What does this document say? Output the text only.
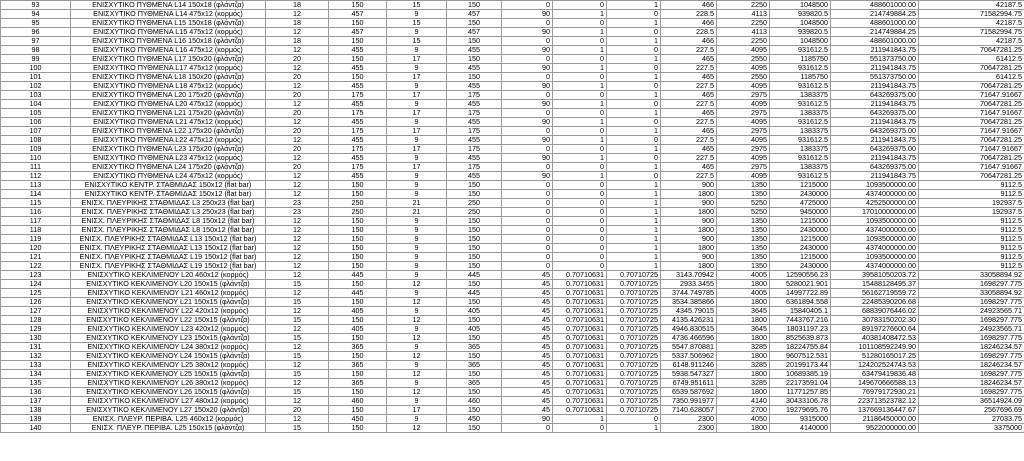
93	ΕΝΙΣΧΥΤΙΚΟ ΠΥΘΜΕΝΑ L14 150x18 (φλάντζα)	18	150	15	150	0	0	1	466	2250	1048500	488601000.00	42187.5
94	ΕΝΙΣΧΥΤΙΚΟ ΠΥΘΜΕΝΑ L14 475x12 (κορμός)	12	457	9	457	90	1	0	228.5	4113	939820.5	214749884.25	71582994.75
95	ΕΝΙΣΧΥΤΙΚΟ ΠΥΘΜΕΝΑ L15 150x18 (φλάντζα)	18	150	15	150	0	0	1	466	2250	1048500	488601000.00	42187.5
96	ΕΝΙΣΧΥΤΙΚΟ ΠΥΘΜΕΝΑ L15 475x12 (κορμός)	12	457	9	457	90	1	0	228.5	4113	939820.5	214749884.25	71582994.75
97	ΕΝΙΣΧΥΤΙΚΟ ΠΥΘΜΕΝΑ L16 150x18 (φλάντζα)	18	150	15	150	0	0	1	466	2250	1048500	488601000.00	42187.5
98	ΕΝΙΣΧΥΤΙΚΟ ΠΥΘΜΕΝΑ L16 475x12 (κορμός)	12	455	9	455	90	1	0	227.5	4095	931612.5	211941843.75	70647281.25
99	ΕΝΙΣΧΥΤΙΚΟ ΠΥΘΜΕΝΑ L17 150x20 (φλάντζα)	20	150	17	150	0	0	1	465	2550	1185750	551373750.00	61412.5
100	ΕΝΙΣΧΥΤΙΚΟ ΠΥΘΜΕΝΑ L17 475x12 (κορμός)	12	455	9	455	90	1	0	227.5	4095	931612.5	211941843.75	70647281.25
101	ΕΝΙΣΧΥΤΙΚΟ ΠΥΘΜΕΝΑ L18 150x20 (φλάντζα)	20	150	17	150	0	0	1	465	2550	1185750	551373750.00	61412.5
102	ΕΝΙΣΧΥΤΙΚΟ ΠΥΘΜΕΝΑ L18 475x12 (κορμός)	12	455	9	455	90	1	0	227.5	4095	931612.5	211941843.75	70647281.25
103	ΕΝΙΣΧΥΤΙΚΟ ΠΥΘΜΕΝΑ L20 175x20 (φλάντζα)	20	175	17	175	0	0	1	465	2975	1383375	643269375.00	71647.91667
104	ΕΝΙΣΧΥΤΙΚΟ ΠΥΘΜΕΝΑ L20 475x12 (κορμός)	12	455	9	455	90	1	0	227.5	4095	931612.5	211941843.75	70647281.25
105	ΕΝΙΣΧΥΤΙΚΟ ΠΥΘΜΕΝΑ L21 175x20 (φλάντζα)	20	175	17	175	0	0	1	465	2975	1383375	643269375.00	71647.91667
106	ΕΝΙΣΧΥΤΙΚΟ ΠΥΘΜΕΝΑ L21 475x12 (κορμός)	12	455	9	455	90	1	0	227.5	4095	931612.5	211941843.75	70647281.25
107	ΕΝΙΣΧΥΤΙΚΟ ΠΥΘΜΕΝΑ L22 175x20 (φλάντζα)	20	175	17	175	0	0	1	465	2975	1383375	643269375.00	71647.91667
108	ΕΝΙΣΧΥΤΙΚΟ ΠΥΘΜΕΝΑ L22 475x12 (κορμός)	12	455	9	455	90	1	0	227.5	4095	931612.5	211941843.75	70647281.25
109	ΕΝΙΣΧΥΤΙΚΟ ΠΥΘΜΕΝΑ L23 175x20 (φλάντζα)	20	175	17	175	0	0	1	465	2975	1383375	643269375.00	71647.91667
110	ΕΝΙΣΧΥΤΙΚΟ ΠΥΘΜΕΝΑ L23 475x12 (κορμός)	12	455	9	455	90	1	0	227.5	4095	931612.5	211941843.75	70647281.25
111	ΕΝΙΣΧΥΤΙΚΟ ΠΥΘΜΕΝΑ L24 175x20 (φλάντζα)	20	175	17	175	0	0	1	465	2975	1383375	643269375.00	71647.91667
112	ΕΝΙΣΧΥΤΙΚΟ ΠΥΘΜΕΝΑ L24 475x12 (κορμός)	12	455	9	455	90	1	0	227.5	4095	931612.5	211941843.75	70647281.25
113	ΕΝΙΣΧΥΤΙΚΟ ΚΕΝΤΡ. ΣΤΑΘΜΙΔΑΣ 150x12 (flat bar)	12	150	9	150	0	0	1	900	1350	1215000	1093500000.00	9112.5
114	ΕΝΙΣΧΥΤΙΚΟ ΚΕΝΤΡ. ΣΤΑΘΜΙΔΑΣ 150x12 (flat bar)	12	150	9	150	0	0	1	1800	1350	2430000	4374000000.00	9112.5
115	ΕΝΙΣΧ. ΠΛΕΥΡΙΚΗΣ ΣΤΑΘΜΙΔΑΣ L3 250x23 (flat bar)	23	250	21	250	0	0	1	900	5250	4725000	4252500000.00	192937.5
116	ΕΝΙΣΧ. ΠΛΕΥΡΙΚΗΣ ΣΤΑΘΜΙΔΑΣ L3 250x23 (flat bar)	23	250	21	250	0	0	1	1800	5250	9450000	17010000000.00	192937.5
117	ΕΝΙΣΧ. ΠΛΕΥΡΙΚΗΣ ΣΤΑΘΜΙΔΑΣ L8 150x12 (flat bar)	12	150	9	150	0	0	1	900	1350	1215000	1093500000.00	9112.5
118	ΕΝΙΣΧ. ΠΛΕΥΡΙΚΗΣ ΣΤΑΘΜΙΔΑΣ L8 150x12 (flat bar)	12	150	9	150	0	0	1	1800	1350	2430000	4374000000.00	9112.5
119	ΕΝΙΣΧ. ΠΛΕΥΡΙΚΗΣ ΣΤΑΘΜΙΔΑΣ L13 150x12 (flat bar)	12	150	9	150	0	0	1	900	1350	1215000	1093500000.00	9112.5
120	ΕΝΙΣΧ. ΠΛΕΥΡΙΚΗΣ ΣΤΑΘΜΙΔΑΣ L13 150x12 (flat bar)	12	150	9	150	0	0	1	1800	1350	2430000	4374000000.00	9112.5
121	ΕΝΙΣΧ. ΠΛΕΥΡΙΚΗΣ ΣΤΑΘΜΙΔΑΣ L19 150x12 (flat bar)	12	150	9	150	0	0	1	900	1350	1215000	1093500000.00	9112.5
122	ΕΝΙΣΧ. ΠΛΕΥΡΙΚΗΣ ΣΤΑΘΜΙΔΑΣ L19 150x12 (flat bar)	12	150	9	150	0	0	1	1800	1350	2430000	4374000000.00	9112.5
123	ΕΝΙΣΧΥΤΙΚΟ ΚΕΚΛΙΜΕΝΟΥ L20 460x12 (κορμός)	12	445	9	445	45	0.70710631	0.70710725	3143.70942	4005	12590556.23	39581050203.72	33058894.92
124	ΕΝΙΣΧΥΤΙΚΟ ΚΕΚΛΙΜΕΝΟΥ L20 150x15 (φλάντζα)	15	150	12	150	45	0.70710631	0.70710725	2933.3455	1800	5280021.901	15488128495.37	1698297.775
125	ΕΝΙΣΧΥΤΙΚΟ ΚΕΚΛΙΜΕΝΟΥ L21 460x12 (κορμός)	12	445	9	445	45	0.70710631	0.70710725	3744.749785	4005	14997722.89	56162719559.72	33058894.92
126	ΕΝΙΣΧΥΤΙΚΟ ΚΕΚΛΙΜΕΝΟΥ L21 150x15 (φλάντζα)	15	150	12	150	45	0.70710631	0.70710725	3534.385866	1800	6361894.558	22485390206.68	1698297.775
127	ΕΝΙΣΧΥΤΙΚΟ ΚΕΚΛΙΜΕΝΟΥ L22 420x12 (κορμός)	12	405	9	405	45	0.70710631	0.70710725	4345.79015	3645	15840405.1	68839076446.02	24923565.71
128	ΕΝΙΣΧΥΤΙΚΟ ΚΕΚΛΙΜΕΝΟΥ L22 150x15 (φλάντζα)	15	150	12	150	45	0.70710631	0.70710725	4135.426231	1800	7443767.216	30783150202.30	1698297.775
129	ΕΝΙΣΧΥΤΙΚΟ ΚΕΚΛΙΜΕΝΟΥ L23 420x12 (κορμός)	12	405	9	405	45	0.70710631	0.70710725	4946.830515	3645	18031197.23	89197276600.64	24923565.71
130	ΕΝΙΣΧΥΤΙΚΟ ΚΕΚΛΙΜΕΝΟΥ L23 150x15 (φλάντζα)	15	150	12	150	45	0.70710631	0.70710725	4736.466596	1800	8525639.873	40381408472.53	1698297.775
131	ΕΝΙΣΧΥΤΙΚΟ ΚΕΚΛΙΜΕΝΟΥ L24 380x12 (κορμός)	12	365	9	365	45	0.70710631	0.70710725	5547.870881	3285	18224755.84	101108592249.90	18246234.57
132	ΕΝΙΣΧΥΤΙΚΟ ΚΕΚΛΙΜΕΝΟΥ L24 150x15 (φλάντζα)	15	150	12	150	45	0.70710631	0.70710725	5337.506962	1800	9607512.531	51280165017.25	1698297.775
133	ΕΝΙΣΧΥΤΙΚΟ ΚΕΚΛΙΜΕΝΟΥ L25 380x12 (κορμός)	12	365	9	365	45	0.70710631	0.70710725	6148.911246	3285	20199173.44	124202524743.53	18246234.57
134	ΕΝΙΣΧΥΤΙΚΟ ΚΕΚΛΙΜΕΝΟΥ L25 150x15 (φλάντζα)	15	150	12	150	45	0.70710631	0.70710725	5938.547327	1800	10689385.19	63479419836.48	1698297.775
135	ΕΝΙΣΧΥΤΙΚΟ ΚΕΚΛΙΜΕΝΟΥ L26 380x12 (κορμός)	12	365	9	365	45	0.70710631	0.70710725	6749.951611	3285	22173591.04	149670666588.13	18246234.57
136	ΕΝΙΣΧΥΤΙΚΟ ΚΕΚΛΙΜΕΝΟΥ L26 150x15 (φλάντζα)	15	150	12	150	45	0.70710631	0.70710725	6539.587692	1800	11771257.85	76979172930.21	1698297.775
137	ΕΝΙΣΧΥΤΙΚΟ ΚΕΚΛΙΜΕΝΟΥ L27 480x12 (κορμός)	12	460	9	460	45	0.70710631	0.70710725	7350.991977	4140	30433106.78	223713523782.12	36514924.09
138	ΕΝΙΣΧΥΤΙΚΟ ΚΕΚΛΙΜΕΝΟΥ L27 150x20 (φλάντζα)	20	150	17	150	45	0.70710631	0.70710725	7140.628057	2700	19279695.76	137669136447.67	2567696.69
139	ΕΝΙΣΧ. ΠΛΕΥΡ. ΠΕΡΙΒΑ. L25 460x12 (κορμός)	12	450	9	450	90	1	0	2300	4050	9315000	21186450000.00	27033.75
140	ΕΝΙΣΧ. ΠΛΕΥΡ. ΠΕΡΙΒΑ. L25 150x15 (φλάντζα)	15	150	12	150	0	0	1	2300	1800	4140000	9522000000.00	3375000
